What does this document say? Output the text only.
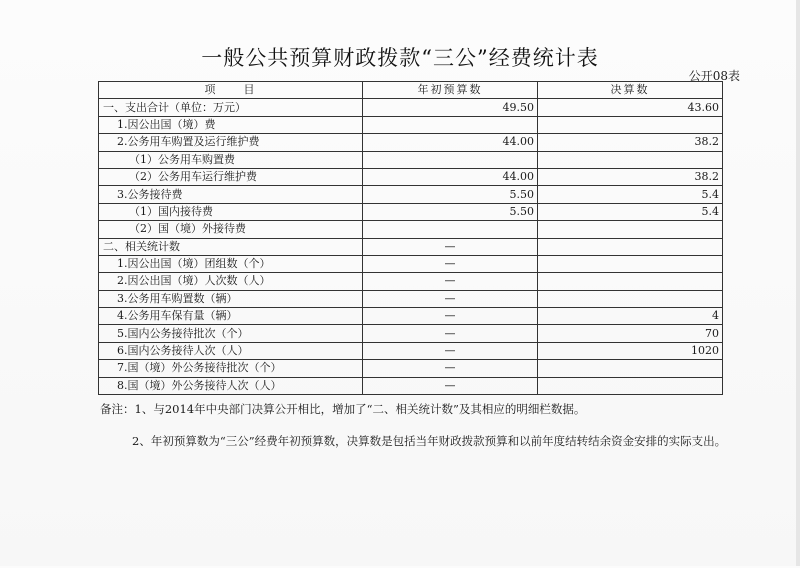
一般公共预算财政拨款“三公”经费统计表
公开08表
项　　目	年初预算数	决算数
一、支出合计（单位：万元）	49.50	43.60
1.因公出国（境）费		
2.公务用车购置及运行维护费	44.00	38.2
（1）公务用车购置费		
（2）公务用车运行维护费	44.00	38.2
3.公务接待费	5.50	5.4
（1）国内接待费	5.50	5.4
（2）国（境）外接待费		
二、相关统计数	—	
1.因公出国（境）团组数（个）	—	
2.因公出国（境）人次数（人）	—	
3.公务用车购置数（辆）	—	
4.公务用车保有量（辆）	—	4
5.国内公务接待批次（个）	—	70
6.国内公务接待人次（人）	—	1020
7.国（境）外公务接待批次（个）	—	
8.国（境）外公务接待人次（人）	—	
备注：1、与2014年中央部门决算公开相比，增加了“二、相关统计数”及其相应的明细栏数据。
2、年初预算数为“三公”经费年初预算数，决算数是包括当年财政拨款预算和以前年度结转结余资金安排的实际支出。
